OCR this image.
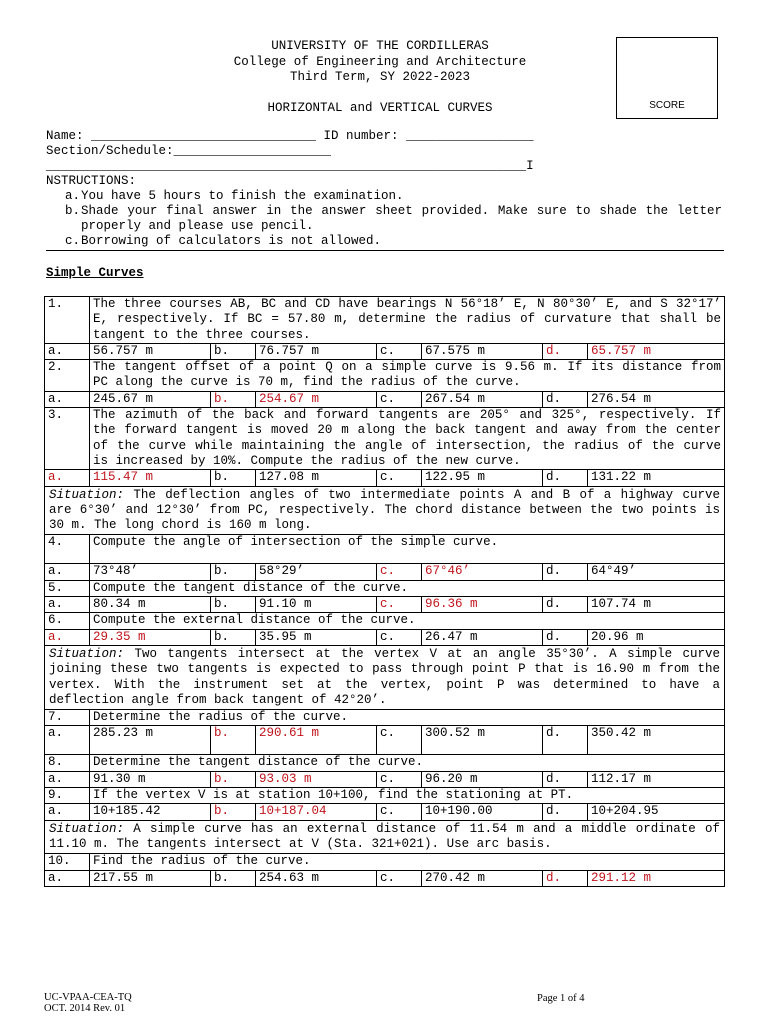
UNIVERSITY OF THE CORDILLERAS
College of Engineering and Architecture
Third Term, SY 2022-2023
HORIZONTAL and VERTICAL CURVES	SCORE
Name: ______________________________ ID number: _________________
Section/Schedule:_____________________
________________________________________________________________I
NSTRUCTIONS:
a. You have 5 hours to finish the examination.
b. Shade your final answer in the answer sheet provided. Make sure to shade the letter properly and please use pencil.
c. Borrowing of calculators is not allowed.
Simple Curves
1.	The three courses AB, BC and CD have bearings N 56°18’ E, N 80°30’ E, and S 32°17’ E, respectively. If BC = 57.80 m, determine the radius of curvature that shall be tangent to the three courses.						
a.	56.757 m	b.	76.757 m	c.	67.575 m	d.	65.757 m
2.	The tangent offset of a point Q on a simple curve is 9.56 m. If its distance from PC along the curve is 70 m, find the radius of the curve.						
a.	245.67 m	b.	254.67 m	c.	267.54 m	d.	276.54 m
3.	The azimuth of the back and forward tangents are 205° and 325°, respectively. If the forward tangent is moved 20 m along the back tangent and away from the center of the curve while maintaining the angle of intersection, the radius of the curve is increased by 10%. Compute the radius of the new curve.						
a.	115.47 m	b.	127.08 m	c.	122.95 m	d.	131.22 m
Situation: The deflection angles of two intermediate points A and B of a highway curve are 6°30’ and 12°30’ from PC, respectively. The chord distance between the two points is 30 m. The long chord is 160 m long.							
4.	Compute the angle of intersection of the simple curve.						
a.	73°48’	b.	58°29’	c.	67°46’	d.	64°49’
5.	Compute the tangent distance of the curve.						
a.	80.34 m	b.	91.10 m	c.	96.36 m	d.	107.74 m
6.	Compute the external distance of the curve.						
a.	29.35 m	b.	35.95 m	c.	26.47 m	d.	20.96 m
Situation: Two tangents intersect at the vertex V at an angle 35°30’. A simple curve joining these two tangents is expected to pass through point P that is 16.90 m from the vertex. With the instrument set at the vertex, point P was determined to have a deflection angle from back tangent of 42°20’.							
7.	Determine the radius of the curve.						
a.	285.23 m	b.	290.61 m	c.	300.52 m	d.	350.42 m
8.	Determine the tangent distance of the curve.						
a.	91.30 m	b.	93.03 m	c.	96.20 m	d.	112.17 m
9.	If the vertex V is at station 10+100, find the stationing at PT.						
a.	10+185.42	b.	10+187.04	c.	10+190.00	d.	10+204.95
Situation: A simple curve has an external distance of 11.54 m and a middle ordinate of 11.10 m. The tangents intersect at V (Sta. 321+021). Use arc basis.							
10.	Find the radius of the curve.						
a.	217.55 m	b.	254.63 m	c.	270.42 m	d.	291.12 m
UC-VPAA-CEA-TQ
OCT. 2014 Rev. 01
Page 1 of 4
